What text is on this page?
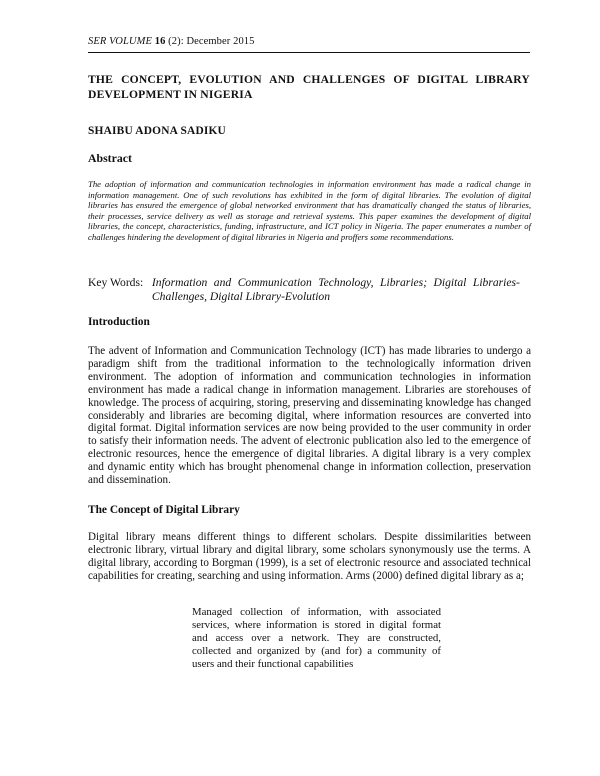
SER VOLUME 16 (2): December 2015
THE CONCEPT, EVOLUTION AND CHALLENGES OF DIGITAL LIBRARY DEVELOPMENT IN NIGERIA
SHAIBU ADONA SADIKU
Abstract
The adoption of information and communication technologies in information environment has made a radical change in information management. One of such revolutions has exhibited in the form of digital libraries. The evolution of digital libraries has ensured the emergence of global networked environment that has dramatically changed the status of libraries, their processes, service delivery as well as storage and retrieval systems. This paper examines the development of digital libraries, the concept, characteristics, funding, infrastructure, and ICT policy in Nigeria. The paper enumerates a number of challenges hindering the development of digital libraries in Nigeria and proffers some recommendations.
Key Words: Information and Communication Technology, Libraries; Digital Libraries-Challenges, Digital Library-Evolution
Introduction
The advent of Information and Communication Technology (ICT) has made libraries to undergo a paradigm shift from the traditional information to the technologically information driven environment. The adoption of information and communication technologies in information environment has made a radical change in information management. Libraries are storehouses of knowledge. The process of acquiring, storing, preserving and disseminating knowledge has changed considerably and libraries are becoming digital, where information resources are converted into digital format. Digital information services are now being provided to the user community in order to satisfy their information needs. The advent of electronic publication also led to the emergence of electronic resources, hence the emergence of digital libraries. A digital library is a very complex and dynamic entity which has brought phenomenal change in information collection, preservation and dissemination.
The Concept of Digital Library
Digital library means different things to different scholars. Despite dissimilarities between electronic library, virtual library and digital library, some scholars synonymously use the terms. A digital library, according to Borgman (1999), is a set of electronic resource and associated technical capabilities for creating, searching and using information. Arms (2000) defined digital library as a;
Managed collection of information, with associated services, where information is stored in digital format and access over a network. They are constructed, collected and organized by (and for) a community of users and their functional capabilities
